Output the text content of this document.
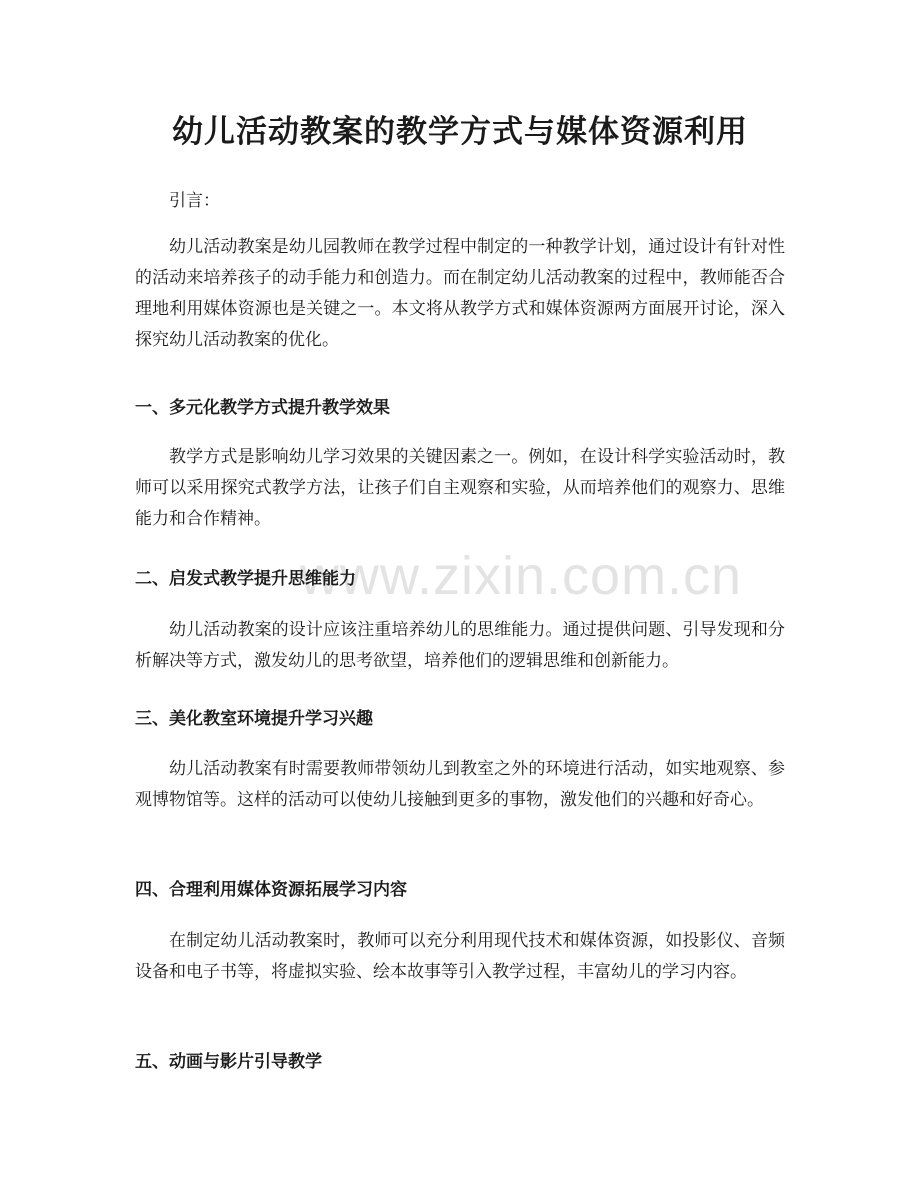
www.zixin.com.cn
幼儿活动教案的教学方式与媒体资源利用

引言：

幼儿活动教案是幼儿园教师在教学过程中制定的一种教学计划，通过设计有针对性的活动来培养孩子的动手能力和创造力。而在制定幼儿活动教案的过程中，教师能否合理地利用媒体资源也是关键之一。本文将从教学方式和媒体资源两方面展开讨论，深入探究幼儿活动教案的优化。

一、多元化教学方式提升教学效果

教学方式是影响幼儿学习效果的关键因素之一。例如，在设计科学实验活动时，教师可以采用探究式教学方法，让孩子们自主观察和实验，从而培养他们的观察力、思维能力和合作精神。

二、启发式教学提升思维能力

幼儿活动教案的设计应该注重培养幼儿的思维能力。通过提供问题、引导发现和分析解决等方式，激发幼儿的思考欲望，培养他们的逻辑思维和创新能力。

三、美化教室环境提升学习兴趣

幼儿活动教案有时需要教师带领幼儿到教室之外的环境进行活动，如实地观察、参观博物馆等。这样的活动可以使幼儿接触到更多的事物，激发他们的兴趣和好奇心。

四、合理利用媒体资源拓展学习内容

在制定幼儿活动教案时，教师可以充分利用现代技术和媒体资源，如投影仪、音频设备和电子书等，将虚拟实验、绘本故事等引入教学过程，丰富幼儿的学习内容。

五、动画与影片引导教学
